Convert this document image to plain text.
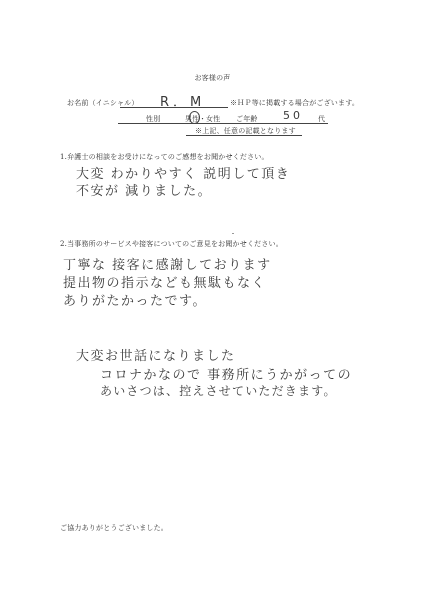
お客様の声
お名前（イニシャル） R．M	※ＨＰ等に掲載する場合がございます。
性別	男性 ・ 女性 ご年齢 50 代
※上記、任意の記載となります
1.弁護士の相談をお受けになってのご感想をお聞かせください。
大変 わかりやすく 説明して頂き
不安が 減りました。
2.当事務所のサービスや接客についてのご意見をお聞かせください。
丁寧な 接客に感謝しております
提出物の指示なども無駄もなく
ありがたかったです。
大変お世話になりました
コロナかなので 事務所にうかがっての
あいさつは、控えさせていただきます。
ご協力ありがとうございました。
